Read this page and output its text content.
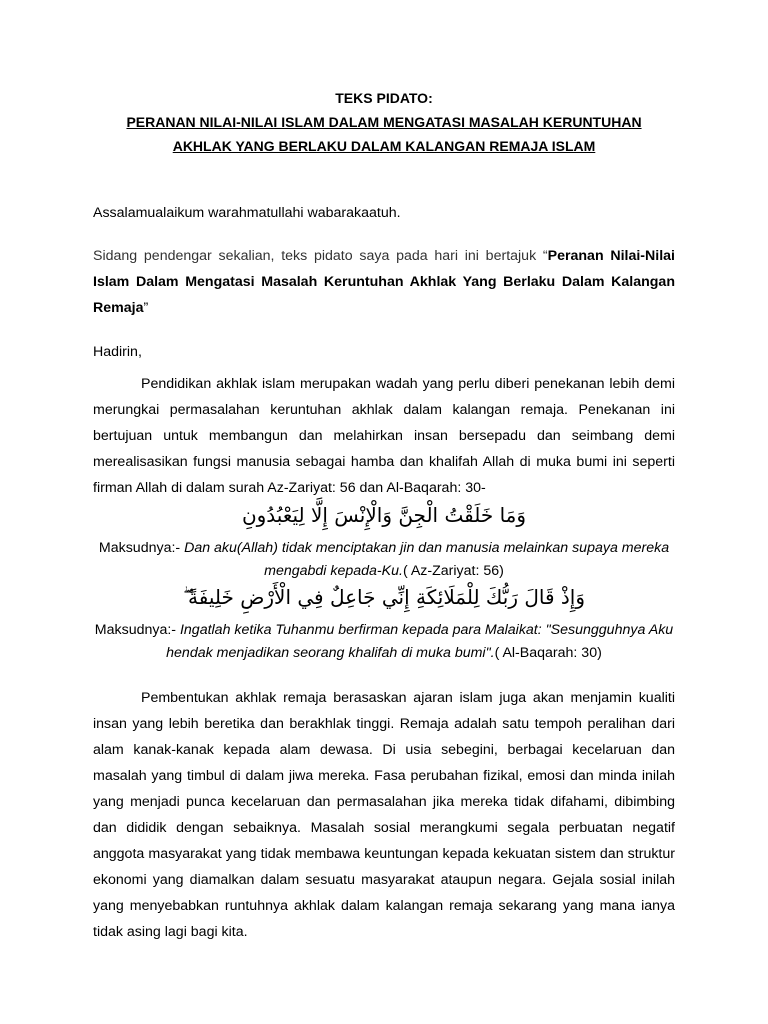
TEKS PIDATO:
PERANAN NILAI-NILAI ISLAM DALAM MENGATASI MASALAH KERUNTUHAN
AKHLAK YANG BERLAKU DALAM KALANGAN REMAJA ISLAM
Assalamualaikum warahmatullahi wabarakaatuh.
Sidang pendengar sekalian, teks pidato saya pada hari ini bertajuk “Peranan Nilai-Nilai Islam Dalam Mengatasi Masalah Keruntuhan Akhlak Yang Berlaku Dalam Kalangan Remaja”
Hadirin,
Pendidikan akhlak islam merupakan wadah yang perlu diberi penekanan lebih demi merungkai permasalahan keruntuhan akhlak dalam kalangan remaja. Penekanan ini bertujuan untuk membangun dan melahirkan insan bersepadu dan seimbang demi merealisasikan fungsi manusia sebagai hamba dan khalifah Allah di muka bumi ini seperti firman Allah di dalam surah Az-Zariyat: 56 dan Al-Baqarah: 30-
وَمَا خَلَقْتُ الْجِنَّ وَالْإِنْسَ إِلَّا لِيَعْبُدُونِ
Maksudnya:- Dan aku(Allah) tidak menciptakan jin dan manusia melainkan supaya mereka mengabdi kepada-Ku.( Az-Zariyat: 56)
وَإِذْ قَالَ رَبُّكَ لِلْمَلَائِكَةِ إِنِّي جَاعِلٌ فِي الْأَرْضِ خَلِيفَةً ۖ
Maksudnya:- Ingatlah ketika Tuhanmu berfirman kepada para Malaikat: "Sesungguhnya Aku hendak menjadikan seorang khalifah di muka bumi".( Al-Baqarah: 30)
Pembentukan akhlak remaja berasaskan ajaran islam juga akan menjamin kualiti insan yang lebih beretika dan berakhlak tinggi. Remaja adalah satu tempoh peralihan dari alam kanak-kanak kepada alam dewasa. Di usia sebegini, berbagai kecelaruan dan masalah yang timbul di dalam jiwa mereka. Fasa perubahan fizikal, emosi dan minda inilah yang menjadi punca kecelaruan dan permasalahan jika mereka tidak difahami, dibimbing dan dididik dengan sebaiknya. Masalah sosial merangkumi segala perbuatan negatif anggota masyarakat yang tidak membawa keuntungan kepada kekuatan sistem dan struktur ekonomi yang diamalkan dalam sesuatu masyarakat ataupun negara. Gejala sosial inilah yang menyebabkan runtuhnya akhlak dalam kalangan remaja sekarang yang mana ianya tidak asing lagi bagi kita.
